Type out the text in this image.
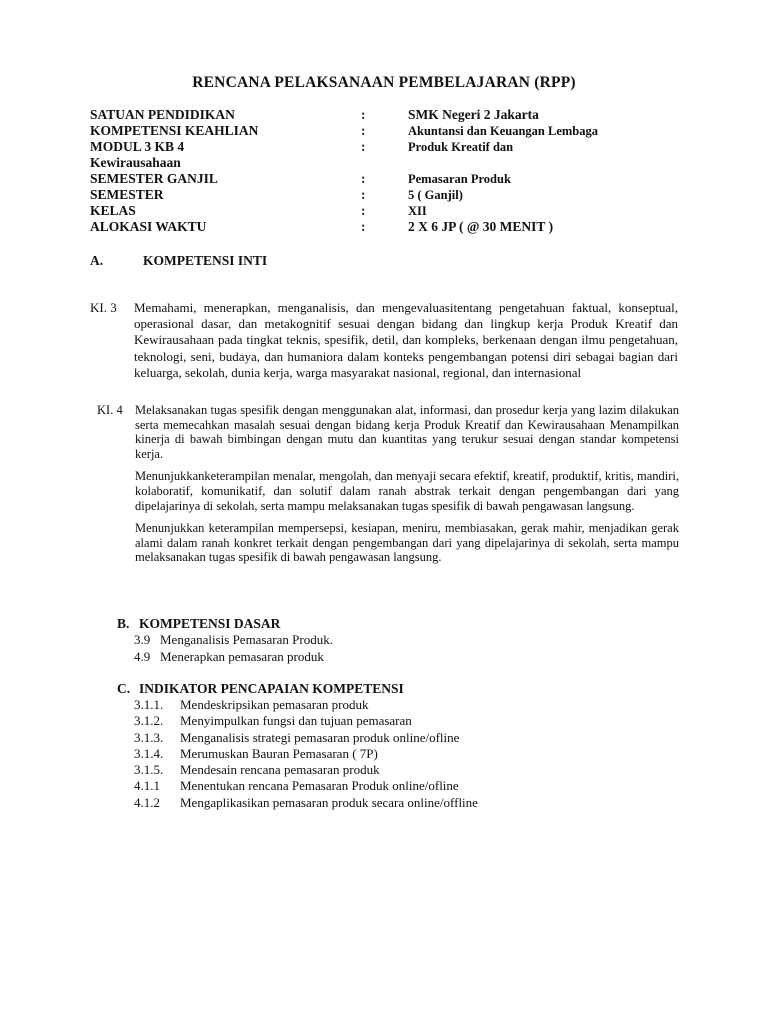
RENCANA PELAKSANAAN PEMBELAJARAN (RPP)
SATUAN PENDIDIKAN	:	SMK Negeri 2 Jakarta
KOMPETENSI KEAHLIAN	:	Akuntansi dan Keuangan Lembaga
MODUL 3 KB 4	:	Produk Kreatif dan
Kewirausahaan
SEMESTER GANJIL	:	Pemasaran Produk
SEMESTER	:	5 ( Ganjil)
KELAS	:	XII
ALOKASI WAKTU	:	2 X 6 JP ( @ 30 MENIT )
A.	KOMPETENSI INTI
KI. 3 Memahami, menerapkan, menganalisis, dan mengevaluasitentang pengetahuan faktual, konseptual, operasional dasar, dan metakognitif sesuai dengan bidang dan lingkup kerja Produk Kreatif dan Kewirausahaan pada tingkat teknis, spesifik, detil, dan kompleks, berkenaan dengan ilmu pengetahuan, teknologi, seni, budaya, dan humaniora dalam konteks pengembangan potensi diri sebagai bagian dari keluarga, sekolah, dunia kerja, warga masyarakat nasional, regional, dan internasional
KI. 4 Melaksanakan tugas spesifik dengan menggunakan alat, informasi, dan prosedur kerja yang lazim dilakukan serta memecahkan masalah sesuai dengan bidang kerja Produk Kreatif dan Kewirausahaan Menampilkan kinerja di bawah bimbingan dengan mutu dan kuantitas yang terukur sesuai dengan standar kompetensi kerja.
Menunjukkanketerampilan menalar, mengolah, dan menyaji secara efektif, kreatif, produktif, kritis, mandiri, kolaboratif, komunikatif, dan solutif dalam ranah abstrak terkait dengan pengembangan dari yang dipelajarinya di sekolah, serta mampu melaksanakan tugas spesifik di bawah pengawasan langsung.
Menunjukkan keterampilan mempersepsi, kesiapan, meniru, membiasakan, gerak mahir, menjadikan gerak alami dalam ranah konkret terkait dengan pengembangan dari yang dipelajarinya di sekolah, serta mampu melaksanakan tugas spesifik di bawah pengawasan langsung.
B. KOMPETENSI DASAR
3.9 Menganalisis Pemasaran Produk.
4.9 Menerapkan pemasaran produk
C. INDIKATOR PENCAPAIAN KOMPETENSI
3.1.1. Mendeskripsikan pemasaran produk
3.1.2. Menyimpulkan fungsi dan tujuan pemasaran
3.1.3. Menganalisis strategi pemasaran produk online/ofline
3.1.4. Merumuskan Bauran Pemasaran ( 7P)
3.1.5. Mendesain rencana pemasaran produk
4.1.1 Menentukan rencana Pemasaran Produk online/ofline
4.1.2 Mengaplikasikan pemasaran produk secara online/offline
